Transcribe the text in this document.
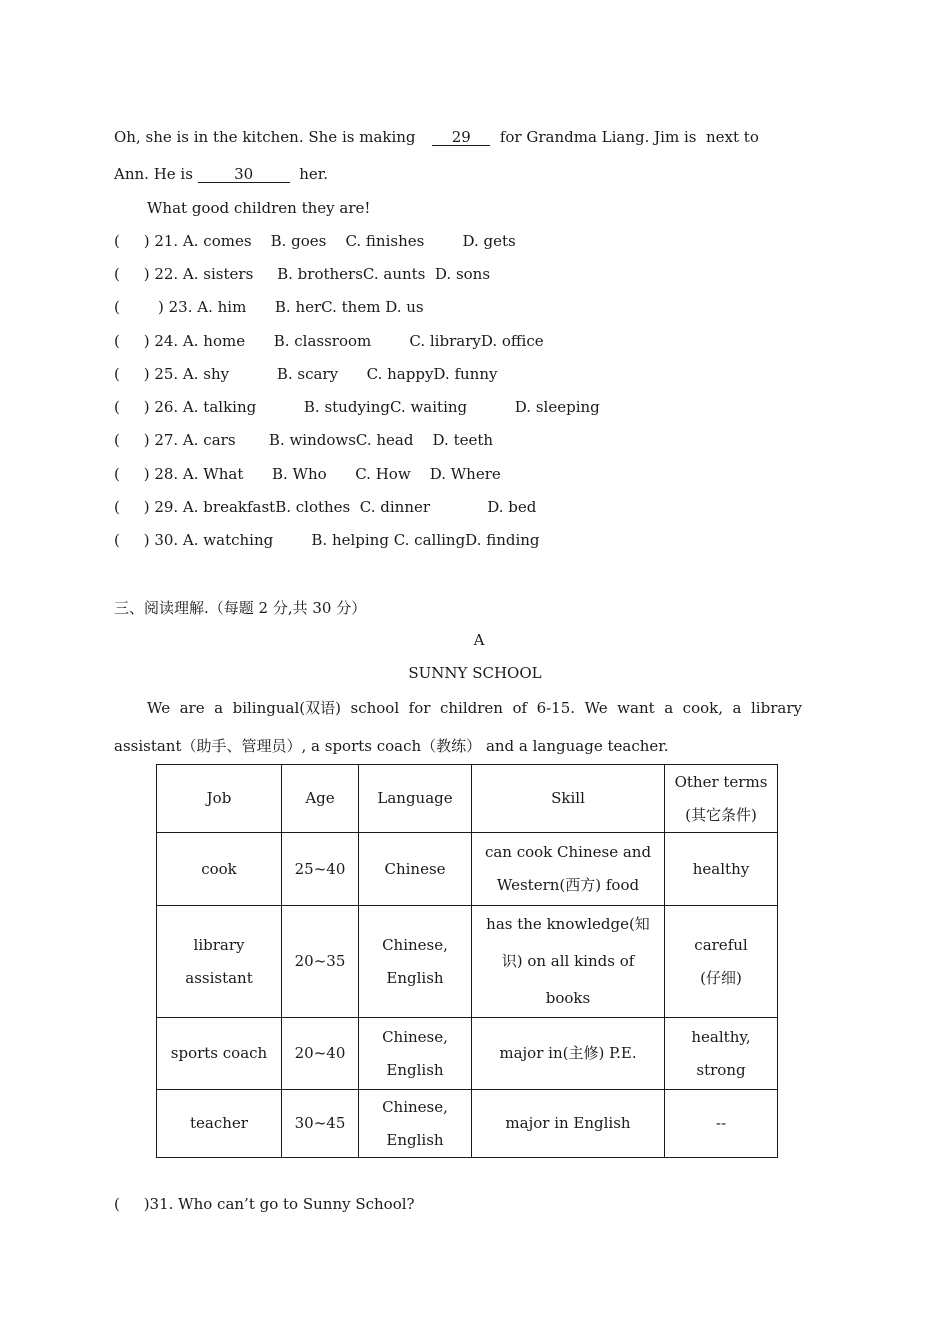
Oh, she is in the kitchen. She is making 29  for Grandma Liang. Jim is  next to
Ann. He is 30  her.
What good children they are!
(     ) 21. A. comes    B. goes    C. finishes        D. gets
(     ) 22. A. sisters     B. brothersC. aunts  D. sons
(        ) 23. A. him      B. herC. them D. us
(     ) 24. A. home      B. classroom        C. libraryD. office
(     ) 25. A. shy          B. scary      C. happyD. funny
(     ) 26. A. talking          B. studyingC. waiting          D. sleeping
(     ) 27. A. cars       B. windowsC. head    D. teeth
(     ) 28. A. What      B. Who      C. How    D. Where
(     ) 29. A. breakfastB. clothes  C. dinner            D. bed
(     ) 30. A. watching        B. helping C. callingD. finding
三、阅读理解.（每题 2 分,共 30 分）
A
SUNNY SCHOOL
We  are  a  bilingual(双语)  school  for  children  of  6-15.  We  want  a  cook,  a  library
assistant（助手、管理员）, a sports coach（教练） and a language teacher.
Job	Age	Language	Skill	Other terms (其它条件)
cook	25~40	Chinese	can cook Chinese and Western(西方) food	healthy
library assistant	20~35	Chinese, English	has the knowledge(知识) on all kinds of books	careful (仔细)
sports coach	20~40	Chinese, English	major in(主修) P.E.	healthy, strong
teacher	30~45	Chinese, English	major in English	--
(     )31. Who can’t go to Sunny School?
